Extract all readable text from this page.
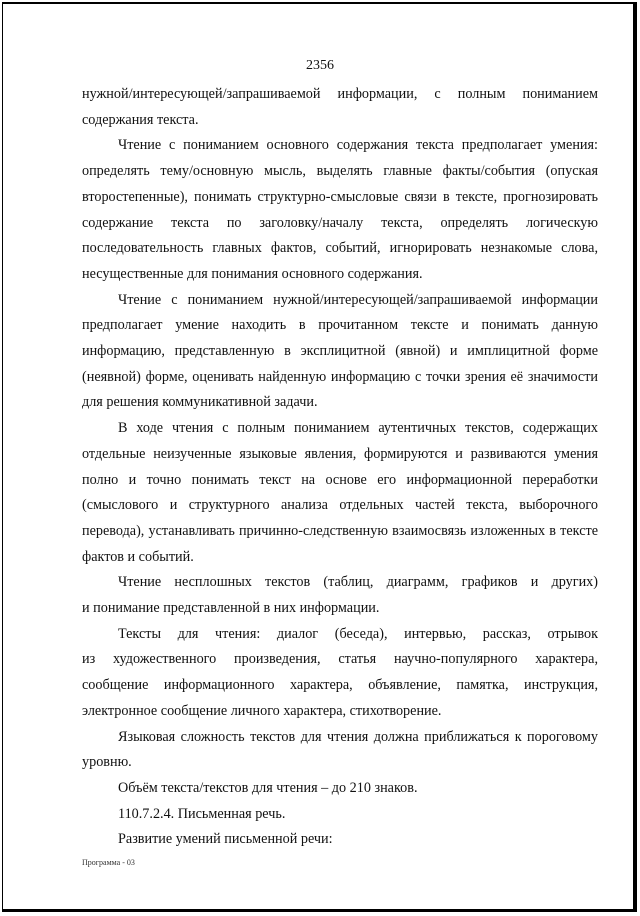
2356
нужной/интересующей/запрашиваемой информации, с полным пониманием
содержания текста.
Чтение с пониманием основного содержания текста предполагает умения:
определять тему/основную мысль, выделять главные факты/события (опуская
второстепенные), понимать структурно-смысловые связи в тексте, прогнозировать
содержание текста по заголовку/началу текста, определять логическую
последовательность главных фактов, событий, игнорировать незнакомые слова,
несущественные для понимания основного содержания.
Чтение с пониманием нужной/интересующей/запрашиваемой информации
предполагает умение находить в прочитанном тексте и понимать данную
информацию, представленную в эксплицитной (явной) и имплицитной форме
(неявной) форме, оценивать найденную информацию с точки зрения её значимости
для решения коммуникативной задачи.
В ходе чтения с полным пониманием аутентичных текстов, содержащих
отдельные неизученные языковые явления, формируются и развиваются умения
полно и точно понимать текст на основе его информационной переработки
(смыслового и структурного анализа отдельных частей текста, выборочного
перевода), устанавливать причинно-следственную взаимосвязь изложенных в тексте
фактов и событий.
Чтение несплошных текстов (таблиц, диаграмм, графиков и других)
и понимание представленной в них информации.
Тексты для чтения: диалог (беседа), интервью, рассказ, отрывок
из художественного произведения, статья научно-популярного характера,
сообщение информационного характера, объявление, памятка, инструкция,
электронное сообщение личного характера, стихотворение.
Языковая сложность текстов для чтения должна приближаться к пороговому
уровню.
Объём текста/текстов для чтения – до 210 знаков.
110.7.2.4. Письменная речь.
Развитие умений письменной речи:
Программа - 03
